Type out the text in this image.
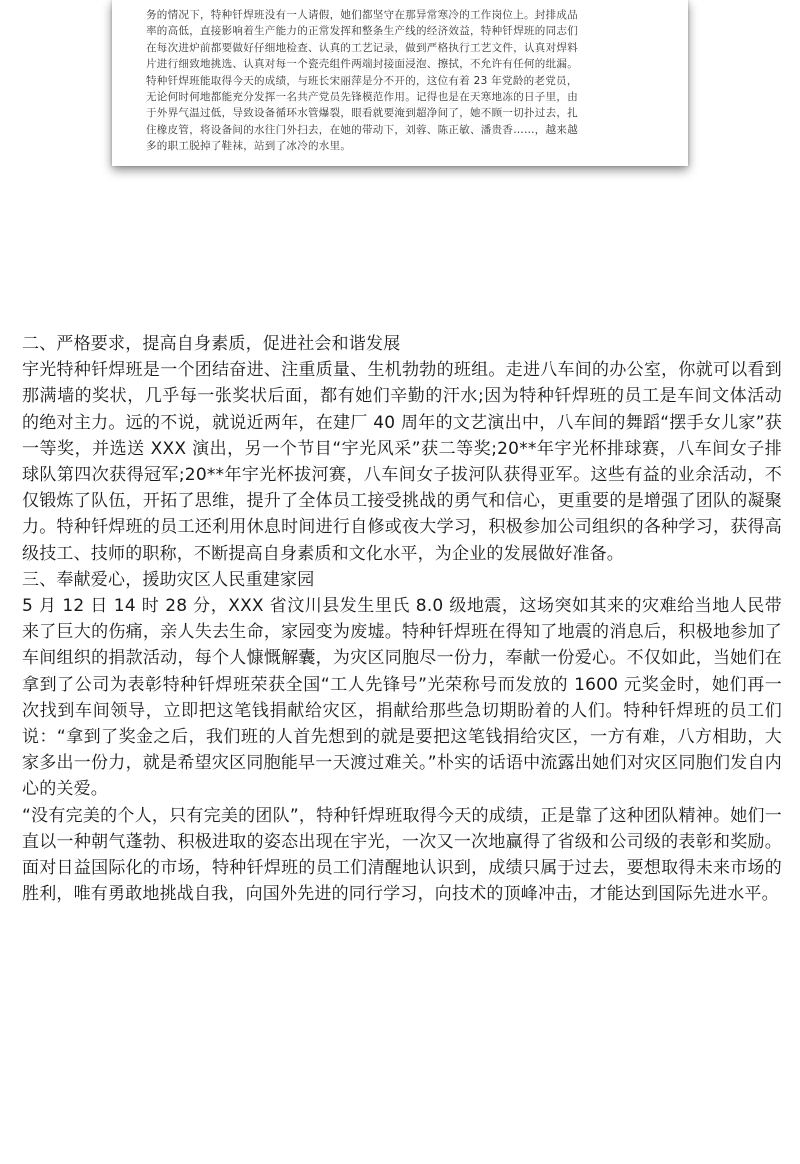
务的情况下，特种钎焊班没有一人请假，她们都坚守在那异常寒冷的工作岗位上。封排成品

率的高低，直接影响着生产能力的正常发挥和整条生产线的经济效益，特种钎焊班的同志们

在每次进炉前都要做好仔细地检查、认真的工艺记录，做到严格执行工艺文件，认真对焊料

片进行细致地挑选、认真对每一个瓷壳组件两端封接面浸泡、擦拭，不允许有任何的纰漏。

特种钎焊班能取得今天的成绩，与班长宋丽萍是分不开的，这位有着 23 年党龄的老党员，

无论何时何地都能充分发挥一名共产党员先锋模范作用。记得也是在天寒地冻的日子里，由

于外界气温过低，导致设备循环水管爆裂，眼看就要淹到超净间了，她不顾一切扑过去，扎

住橡皮管，将设备间的水往门外扫去，在她的带动下，刘蓉、陈正敏、潘贵香……，越来越

多的职工脱掉了鞋袜，站到了冰冷的水里。

二、严格要求，提高自身素质，促进社会和谐发展

宇光特种钎焊班是一个团结奋进、注重质量、生机勃勃的班组。走进八车间的办公室，你就可以看到那满墙的奖状，几乎每一张奖状后面，都有她们辛勤的汗水;因为特种钎焊班的员工是车间文体活动的绝对主力。远的不说，就说近两年，在建厂 40 周年的文艺演出中，八车间的舞蹈“摆手女儿家”获一等奖，并选送 XXX 演出，另一个节目“宇光风采”获二等奖;20**年宇光杯排球赛，八车间女子排球队第四次获得冠军;20**年宇光杯拔河赛，八车间女子拔河队获得亚军。这些有益的业余活动，不仅锻炼了队伍，开拓了思维，提升了全体员工接受挑战的勇气和信心，更重要的是增强了团队的凝聚力。特种钎焊班的员工还利用休息时间进行自修或夜大学习，积极参加公司组织的各种学习，获得高级技工、技师的职称，不断提高自身素质和文化水平，为企业的发展做好准备。

三、奉献爱心，援助灾区人民重建家园

5 月 12 日 14 时 28 分，XXX 省汶川县发生里氏 8.0 级地震，这场突如其来的灾难给当地人民带来了巨大的伤痛，亲人失去生命，家园变为废墟。特种钎焊班在得知了地震的消息后，积极地参加了车间组织的捐款活动，每个人慷慨解囊，为灾区同胞尽一份力，奉献一份爱心。不仅如此，当她们在拿到了公司为表彰特种钎焊班荣获全国“工人先锋号”光荣称号而发放的 1600 元奖金时，她们再一次找到车间领导，立即把这笔钱捐献给灾区，捐献给那些急切期盼着的人们。特种钎焊班的员工们说：“拿到了奖金之后，我们班的人首先想到的就是要把这笔钱捐给灾区，一方有难，八方相助，大家多出一份力，就是希望灾区同胞能早一天渡过难关。”朴实的话语中流露出她们对灾区同胞们发自内心的关爱。

“没有完美的个人，只有完美的团队”，特种钎焊班取得今天的成绩，正是靠了这种团队精神。她们一直以一种朝气蓬勃、积极进取的姿态出现在宇光，一次又一次地赢得了省级和公司级的表彰和奖励。面对日益国际化的市场，特种钎焊班的员工们清醒地认识到，成绩只属于过去，要想取得未来市场的胜利，唯有勇敢地挑战自我，向国外先进的同行学习，向技术的顶峰冲击，才能达到国际先进水平。
